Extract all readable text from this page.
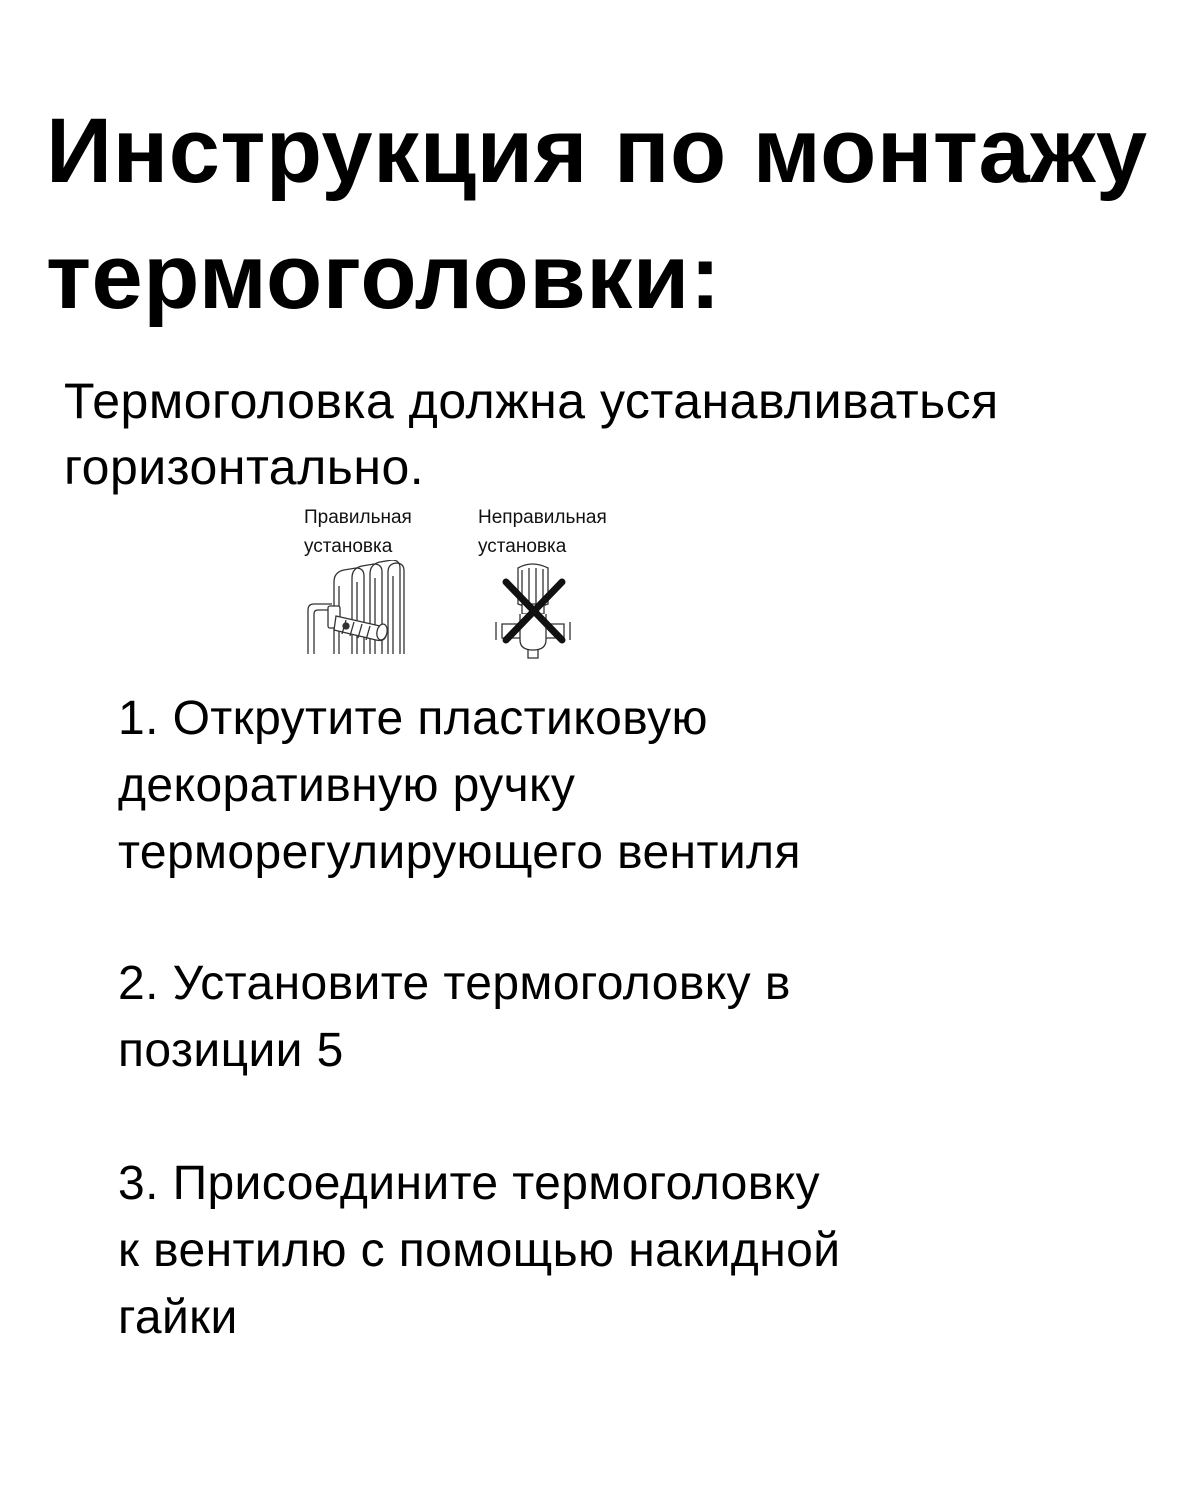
Инструкция по монтажу
термоголовки:

Термоголовка должна устанавливаться
горизонтально.

Правильная
установка
Неправильная
установка

1. Открутите пластиковую
декоративную ручку
терморегулирующего вентиля

2. Установите термоголовку в
позиции 5

3. Присоедините термоголовку
к вентилю с помощью накидной
гайки
